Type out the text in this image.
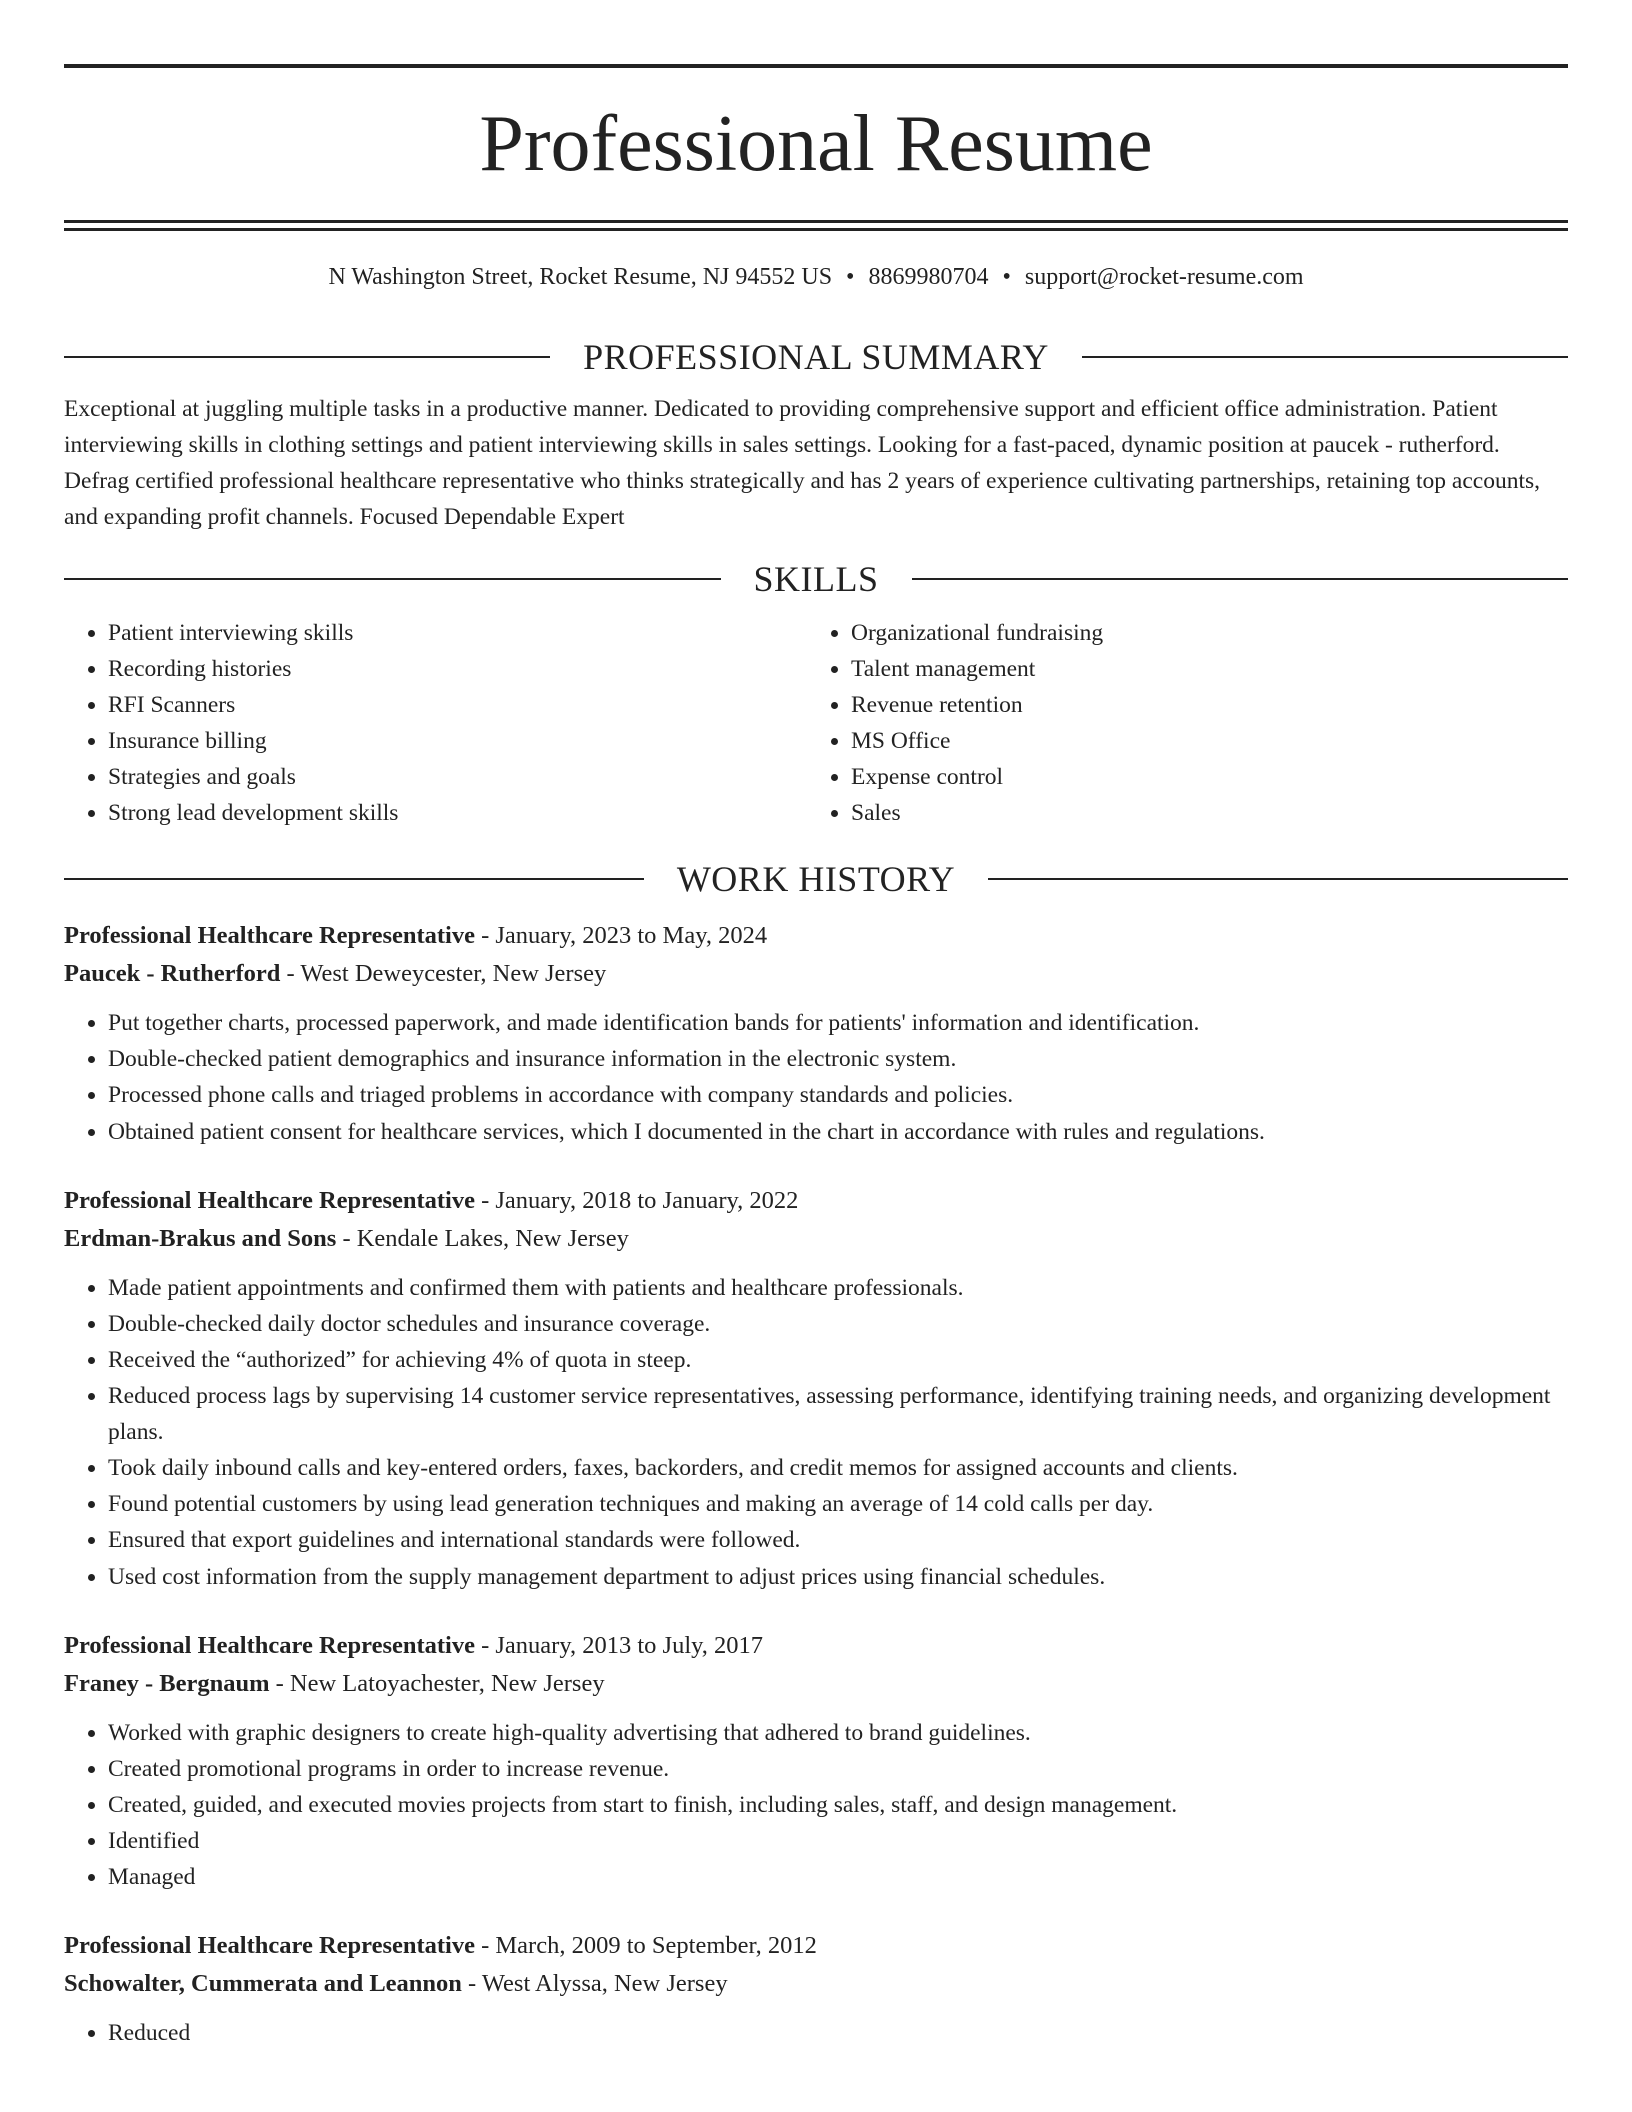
Professional Resume
N Washington Street, Rocket Resume, NJ 94552 US • 8869980704 • support@rocket-resume.com
PROFESSIONAL SUMMARY

Exceptional at juggling multiple tasks in a productive manner. Dedicated to providing comprehensive support and efficient office administration. Patient interviewing skills in clothing settings and patient interviewing skills in sales settings. Looking for a fast-paced, dynamic position at paucek - rutherford. Defrag certified professional healthcare representative who thinks strategically and has 2 years of experience cultivating partnerships, retaining top accounts, and expanding profit channels. Focused Dependable Expert

SKILLS
• Patient interviewing skills
• Recording histories
• RFI Scanners
• Insurance billing
• Strategies and goals
• Strong lead development skills
• Organizational fundraising
• Talent management
• Revenue retention
• MS Office
• Expense control
• Sales
WORK HISTORY
Professional Healthcare Representative - January, 2023 to May, 2024
Paucek - Rutherford - West Deweycester, New Jersey
• Put together charts, processed paperwork, and made identification bands for patients' information and identification.
• Double-checked patient demographics and insurance information in the electronic system.
• Processed phone calls and triaged problems in accordance with company standards and policies.
• Obtained patient consent for healthcare services, which I documented in the chart in accordance with rules and regulations.
Professional Healthcare Representative - January, 2018 to January, 2022
Erdman-Brakus and Sons - Kendale Lakes, New Jersey
• Made patient appointments and confirmed them with patients and healthcare professionals.
• Double-checked daily doctor schedules and insurance coverage.
• Received the “authorized” for achieving 4% of quota in steep.
• Reduced process lags by supervising 14 customer service representatives, assessing performance, identifying training needs, and organizing development plans.
• Took daily inbound calls and key-entered orders, faxes, backorders, and credit memos for assigned accounts and clients.
• Found potential customers by using lead generation techniques and making an average of 14 cold calls per day.
• Ensured that export guidelines and international standards were followed.
• Used cost information from the supply management department to adjust prices using financial schedules.
Professional Healthcare Representative - January, 2013 to July, 2017
Franey - Bergnaum - New Latoyachester, New Jersey
• Worked with graphic designers to create high-quality advertising that adhered to brand guidelines.
• Created promotional programs in order to increase revenue.
• Created, guided, and executed movies projects from start to finish, including sales, staff, and design management.
• Identified
• Managed
Professional Healthcare Representative - March, 2009 to September, 2012
Schowalter, Cummerata and Leannon - West Alyssa, New Jersey
• Reduced
